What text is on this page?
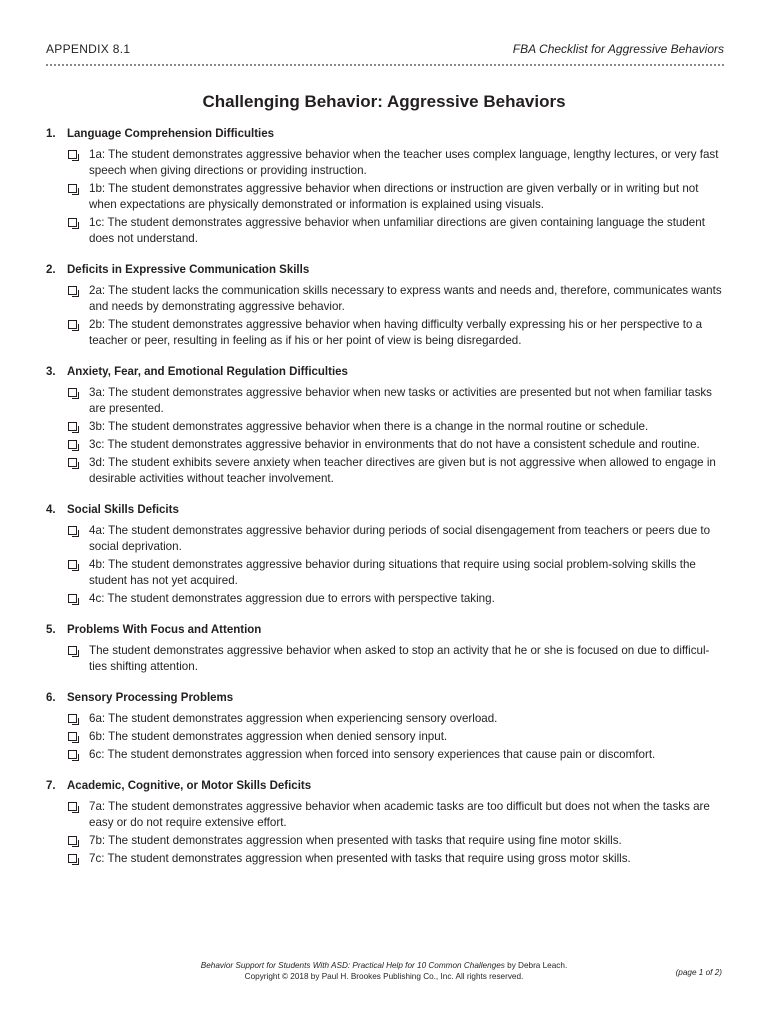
APPENDIX 8.1	FBA Checklist for Aggressive Behaviors
Challenging Behavior: Aggressive Behaviors
1. Language Comprehension Difficulties
1a: The student demonstrates aggressive behavior when the teacher uses complex language, lengthy lectures, or very fast speech when giving directions or providing instruction.
1b: The student demonstrates aggressive behavior when directions or instruction are given verbally or in writing but not when expectations are physically demonstrated or information is explained using visuals.
1c: The student demonstrates aggressive behavior when unfamiliar directions are given containing language the student does not understand.
2. Deficits in Expressive Communication Skills
2a: The student lacks the communication skills necessary to express wants and needs and, therefore, communicates wants and needs by demonstrating aggressive behavior.
2b: The student demonstrates aggressive behavior when having difficulty verbally expressing his or her perspective to a teacher or peer, resulting in feeling as if his or her point of view is being disregarded.
3. Anxiety, Fear, and Emotional Regulation Difficulties
3a: The student demonstrates aggressive behavior when new tasks or activities are presented but not when familiar tasks are presented.
3b: The student demonstrates aggressive behavior when there is a change in the normal routine or schedule.
3c: The student demonstrates aggressive behavior in environments that do not have a consistent schedule and routine.
3d: The student exhibits severe anxiety when teacher directives are given but is not aggressive when allowed to engage in desirable activities without teacher involvement.
4. Social Skills Deficits
4a: The student demonstrates aggressive behavior during periods of social disengagement from teachers or peers due to social deprivation.
4b: The student demonstrates aggressive behavior during situations that require using social problem-solving skills the student has not yet acquired.
4c: The student demonstrates aggression due to errors with perspective taking.
5. Problems With Focus and Attention
The student demonstrates aggressive behavior when asked to stop an activity that he or she is focused on due to difficul-ties shifting attention.
6. Sensory Processing Problems
6a: The student demonstrates aggression when experiencing sensory overload.
6b: The student demonstrates aggression when denied sensory input.
6c: The student demonstrates aggression when forced into sensory experiences that cause pain or discomfort.
7. Academic, Cognitive, or Motor Skills Deficits
7a: The student demonstrates aggressive behavior when academic tasks are too difficult but does not when the tasks are easy or do not require extensive effort.
7b: The student demonstrates aggression when presented with tasks that require using fine motor skills.
7c: The student demonstrates aggression when presented with tasks that require using gross motor skills.
Behavior Support for Students With ASD: Practical Help for 10 Common Challenges by Debra Leach.
Copyright © 2018 by Paul H. Brookes Publishing Co., Inc. All rights reserved.	(page 1 of 2)
